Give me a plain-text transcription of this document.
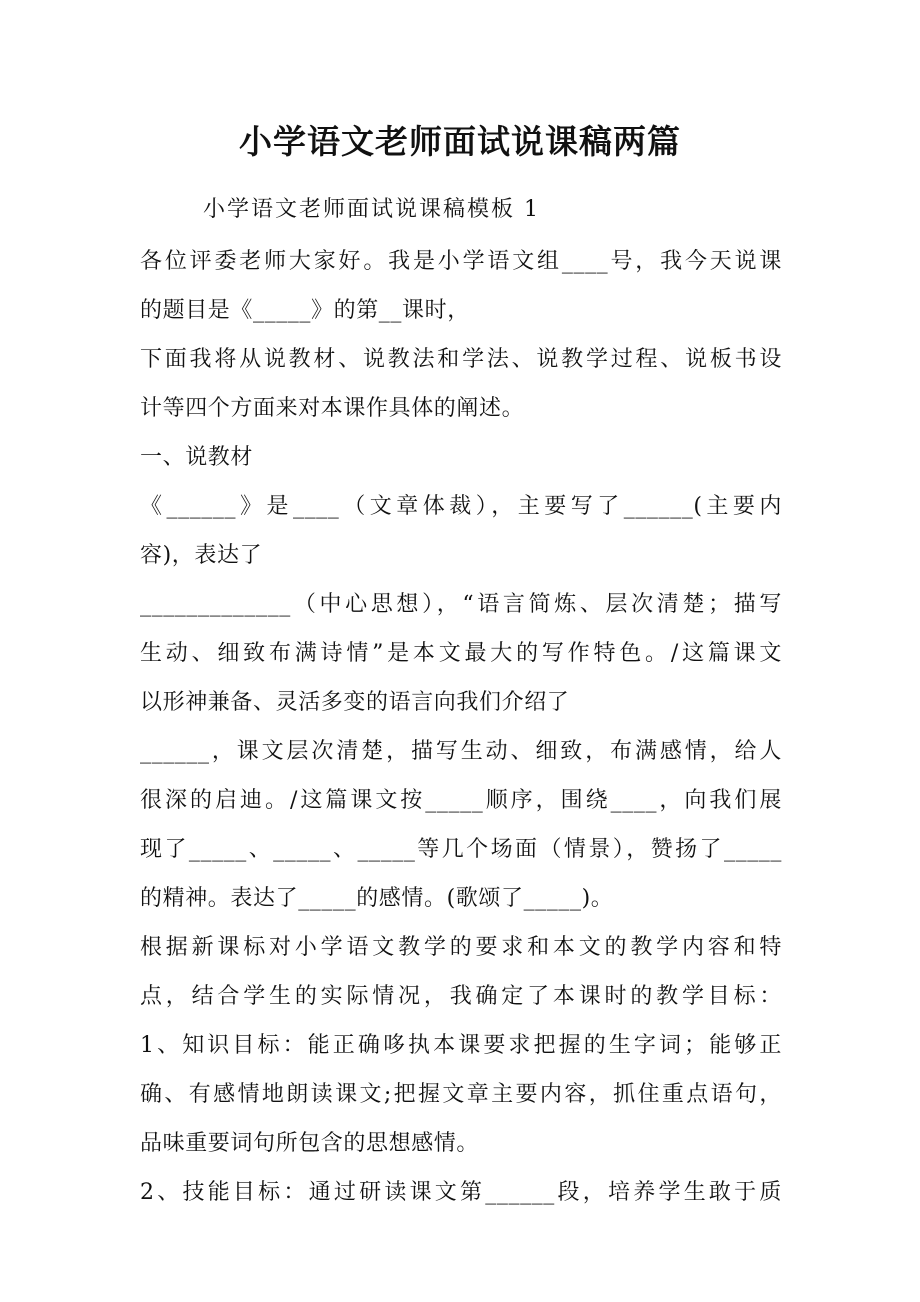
小学语文老师面试说课稿两篇

小学语文老师面试说课稿模板 1

各位评委老师大家好。我是小学语文组____号，我今天说课

的题目是《_____》的第__课时，

下面我将从说教材、说教法和学法、说教学过程、说板书设

计等四个方面来对本课作具体的阐述。

一、说教材

《______》是____（文章体裁），主要写了______(主要内

容)，表达了

_____________（中心思想），“语言简炼、层次清楚；描写

生动、细致布满诗情”是本文最大的写作特色。/这篇课文

以形神兼备、灵活多变的语言向我们介绍了

______，课文层次清楚，描写生动、细致，布满感情，给人

很深的启迪。/这篇课文按_____顺序，围绕____，向我们展

现了_____、_____、_____等几个场面（情景），赞扬了_____

的精神。表达了_____的感情。(歌颂了_____)。

根据新课标对小学语文教学的要求和本文的教学内容和特

点，结合学生的实际情况，我确定了本课时的教学目标：

1、知识目标：能正确哆执本课要求把握的生字词；能够正

确、有感情地朗读课文;把握文章主要内容，抓住重点语句，

品味重要词句所包含的思想感情。

2、技能目标：通过研读课文第______段，培养学生敢于质
